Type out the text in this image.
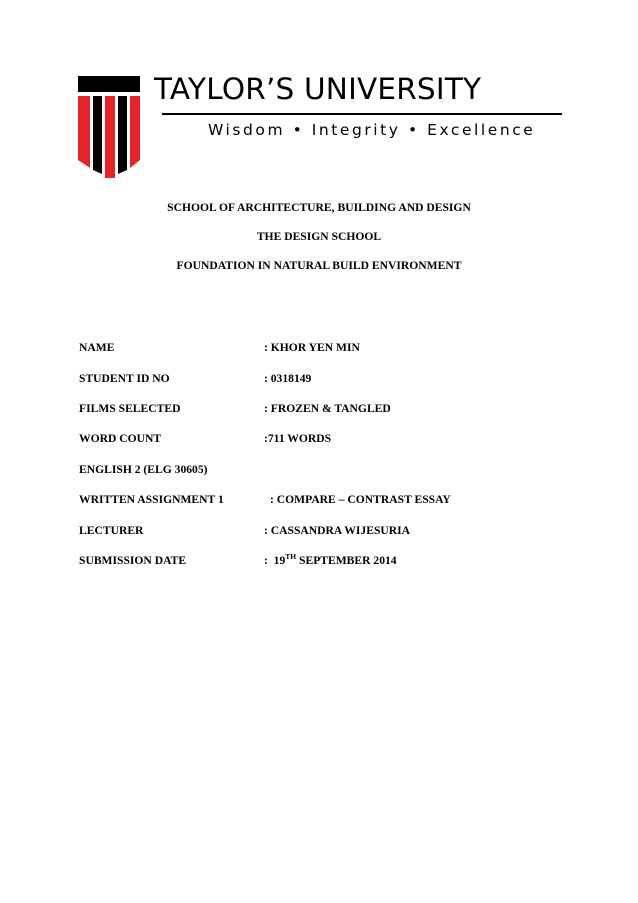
TAYLOR’S UNIVERSITY
Wisdom • Integrity • Excellence
SCHOOL OF ARCHITECTURE, BUILDING AND DESIGN
THE DESIGN SCHOOL
FOUNDATION IN NATURAL BUILD ENVIRONMENT
NAME	: KHOR YEN MIN
STUDENT ID NO	: 0318149
FILMS SELECTED	: FROZEN & TANGLED
WORD COUNT	:711 WORDS
ENGLISH 2 (ELG 30605)
WRITTEN ASSIGNMENT 1	: COMPARE – CONTRAST ESSAY
LECTURER	: CASSANDRA WIJESURIA
SUBMISSION DATE	:  19TH SEPTEMBER 2014
